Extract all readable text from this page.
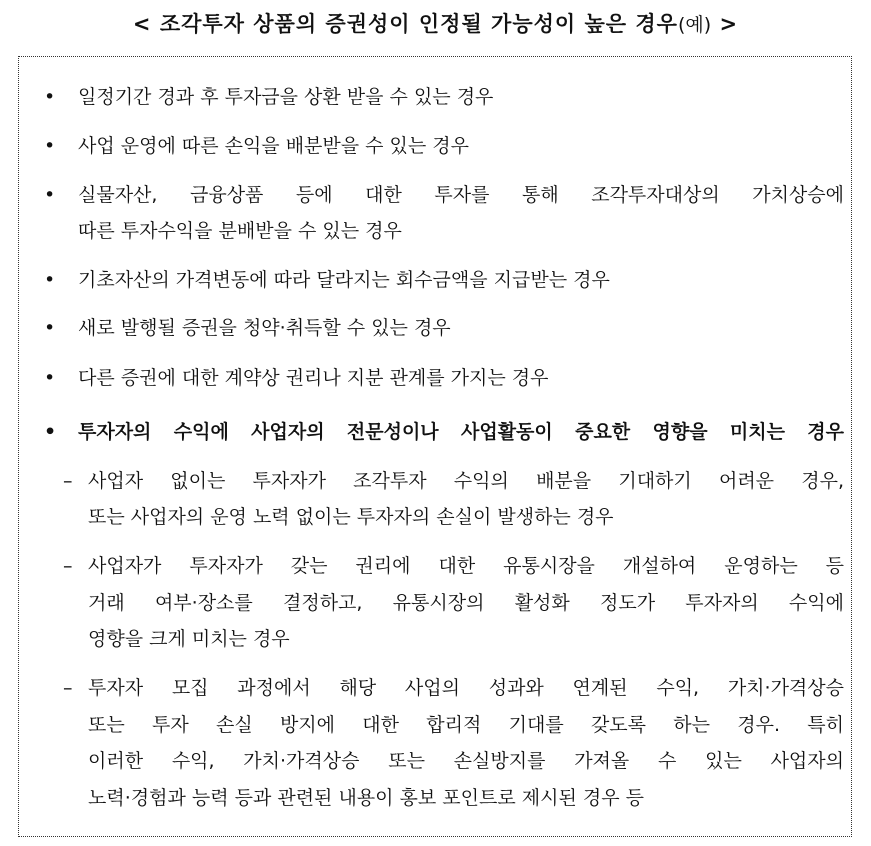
< 조각투자 상품의 증권성이 인정될 가능성이 높은 경우(예) >
• 일정기간 경과 후 투자금을 상환 받을 수 있는 경우
• 사업 운영에 따른 손익을 배분받을 수 있는 경우
• 실물자산, 금융상품 등에 대한 투자를 통해 조각투자대상의 가치상승에
따른 투자수익을 분배받을 수 있는 경우
• 기초자산의 가격변동에 따라 달라지는 회수금액을 지급받는 경우
• 새로 발행될 증권을 청약·취득할 수 있는 경우
• 다른 증권에 대한 계약상 권리나 지분 관계를 가지는 경우
• 투자자의 수익에 사업자의 전문성이나 사업활동이 중요한 영향을 미치는 경우
– 사업자 없이는 투자자가 조각투자 수익의 배분을 기대하기 어려운 경우,
또는 사업자의 운영 노력 없이는 투자자의 손실이 발생하는 경우
– 사업자가 투자자가 갖는 권리에 대한 유통시장을 개설하여 운영하는 등
거래 여부·장소를 결정하고, 유통시장의 활성화 정도가 투자자의 수익에
영향을 크게 미치는 경우
– 투자자 모집 과정에서 해당 사업의 성과와 연계된 수익, 가치·가격상승
또는 투자 손실 방지에 대한 합리적 기대를 갖도록 하는 경우. 특히
이러한 수익, 가치·가격상승 또는 손실방지를 가져올 수 있는 사업자의
노력·경험과 능력 등과 관련된 내용이 홍보 포인트로 제시된 경우 등
